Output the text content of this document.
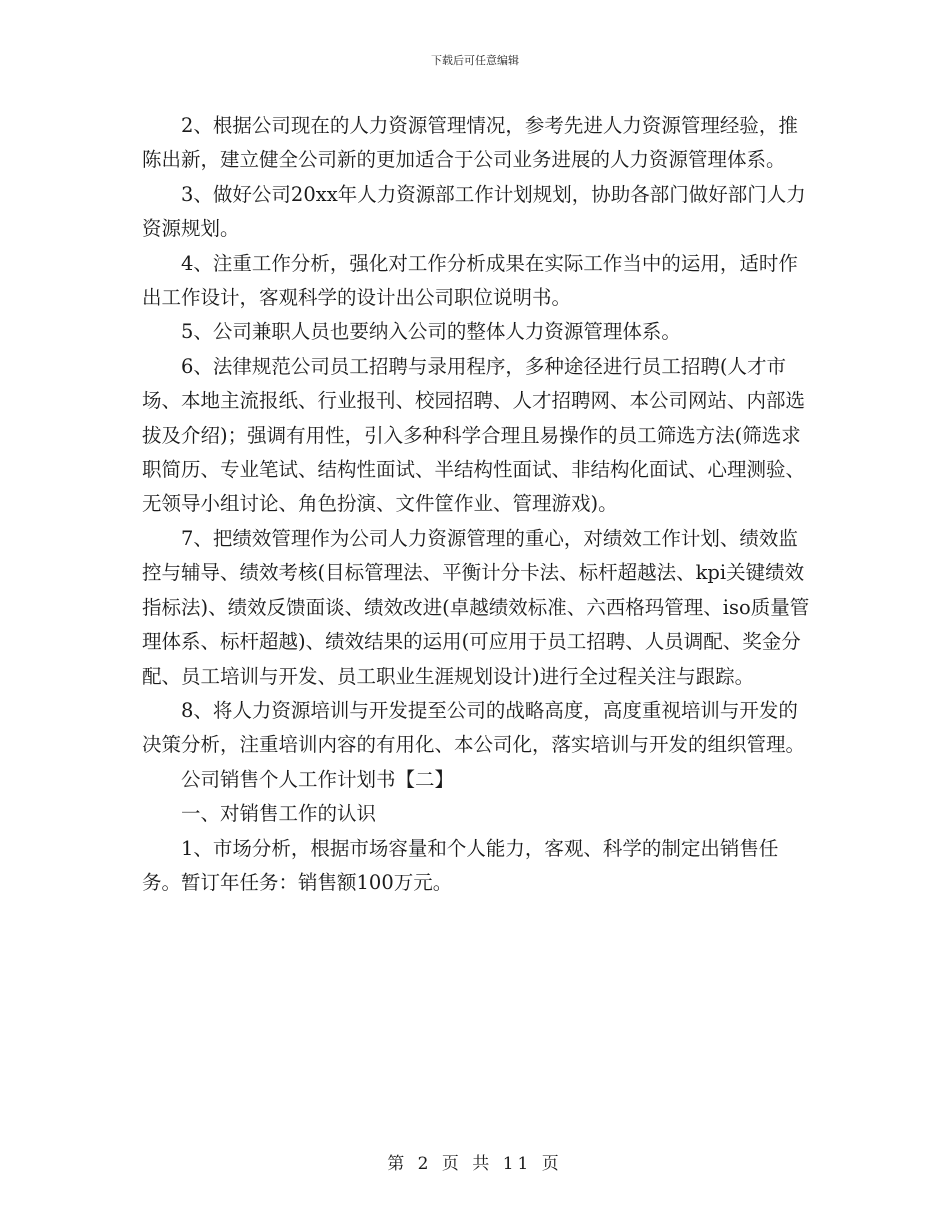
下载后可任意编辑

2、根据公司现在的人力资源管理情况，参考先进人力资源管理经验，推陈出新，建立健全公司新的更加适合于公司业务进展的人力资源管理体系。

3、做好公司20xx年人力资源部工作计划规划，协助各部门做好部门人力资源规划。

4、注重工作分析，强化对工作分析成果在实际工作当中的运用，适时作出工作设计，客观科学的设计出公司职位说明书。

5、公司兼职人员也要纳入公司的整体人力资源管理体系。

6、法律规范公司员工招聘与录用程序，多种途径进行员工招聘(人才市场、本地主流报纸、行业报刊、校园招聘、人才招聘网、本公司网站、内部选拔及介绍)；强调有用性，引入多种科学合理且易操作的员工筛选方法(筛选求职简历、专业笔试、结构性面试、半结构性面试、非结构化面试、心理测验、无领导小组讨论、角色扮演、文件筐作业、管理游戏)。

7、把绩效管理作为公司人力资源管理的重心，对绩效工作计划、绩效监控与辅导、绩效考核(目标管理法、平衡计分卡法、标杆超越法、kpi关键绩效指标法)、绩效反馈面谈、绩效改进(卓越绩效标准、六西格玛管理、iso质量管理体系、标杆超越)、绩效结果的运用(可应用于员工招聘、人员调配、奖金分配、员工培训与开发、员工职业生涯规划设计)进行全过程关注与跟踪。

8、将人力资源培训与开发提至公司的战略高度，高度重视培训与开发的决策分析，注重培训内容的有用化、本公司化，落实培训与开发的组织管理。

公司销售个人工作计划书【二】

一、对销售工作的认识

1、市场分析，根据市场容量和个人能力，客观、科学的制定出销售任务。暂订年任务：销售额100万元。

第 2 页 共 11 页
